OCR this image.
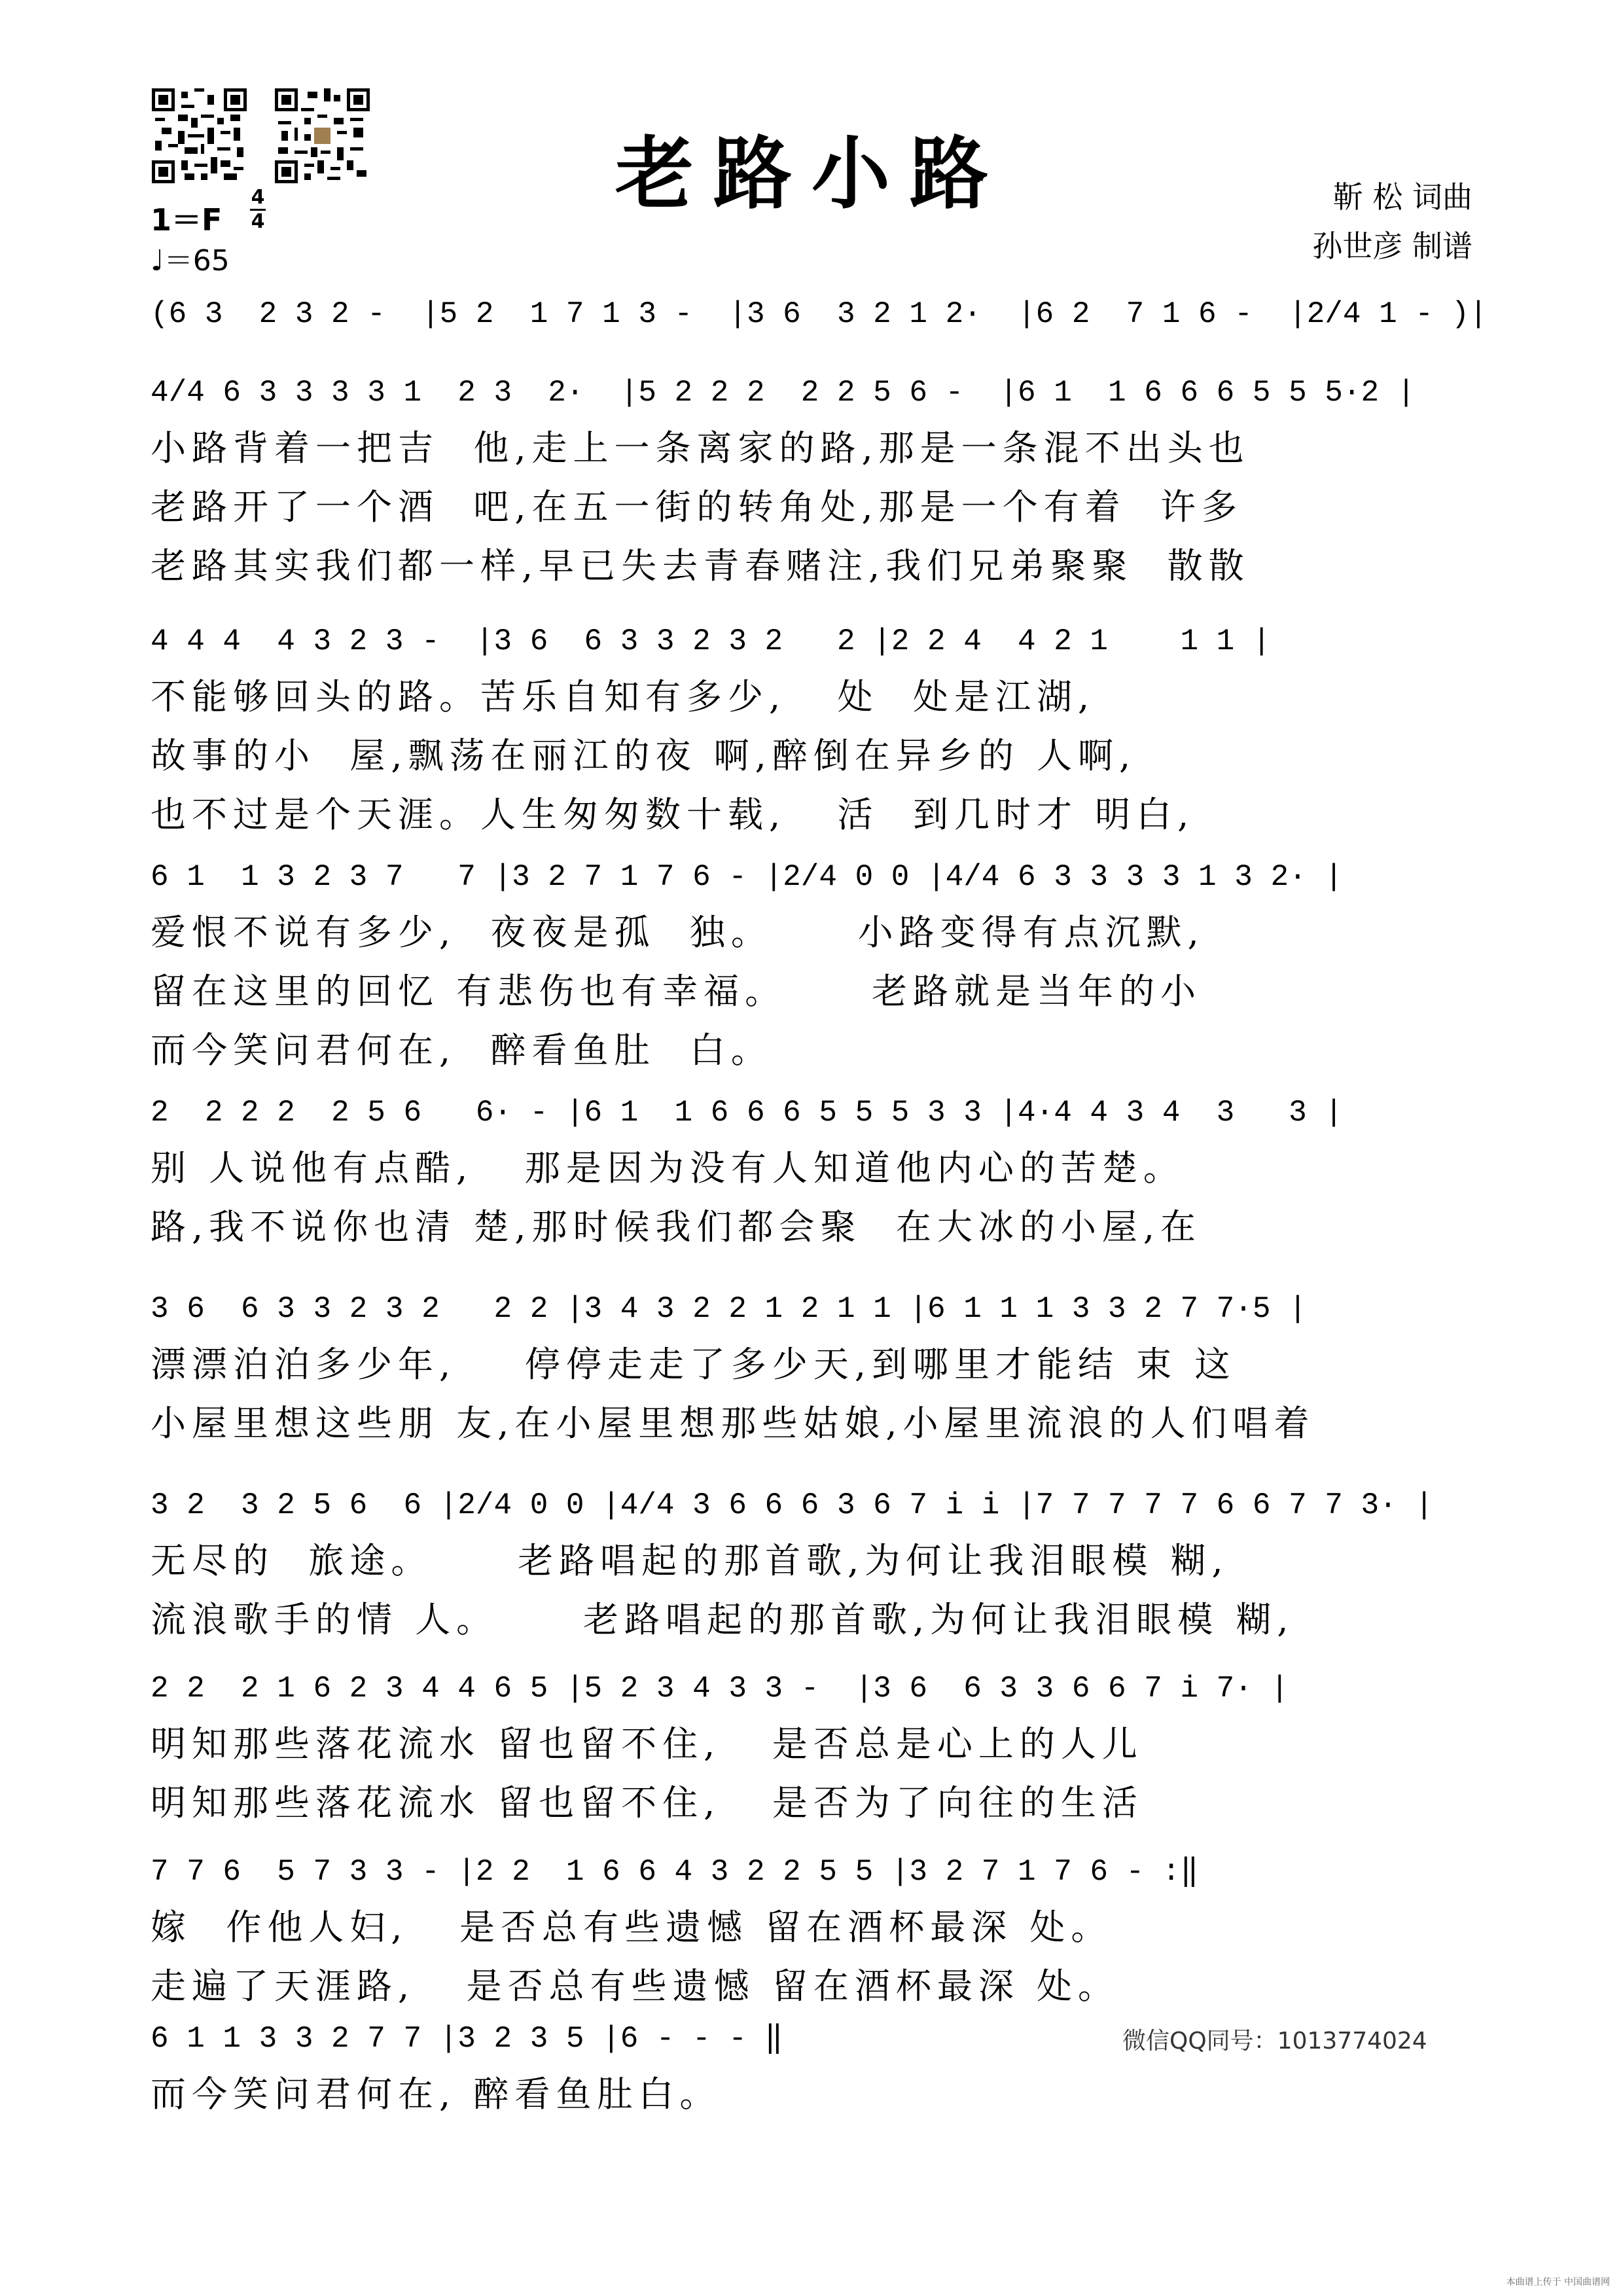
老路小路
1＝F
4
4
♩＝65
靳 松 词曲
孙世彦 制谱
(6 3  2 3 2 -  |5 2  1 7 1 3 -  |3 6  3 2 1 2·  |6 2  7 1 6 -  |2/4 1 - )|
4/4 6 3 3 3 3 1  2 3  2·  |5 2 2 2  2 2 5 6 -  |6 1  1 6 6 6 5 5 5·2 |
小路背着一把吉  他,走上一条离家的路,那是一条混不出头也
老路开了一个酒  吧,在五一街的转角处,那是一个有着  许多
老路其实我们都一样,早已失去青春赌注,我们兄弟聚聚  散散
4 4 4  4 3 2 3 -  |3 6  6 3 3 2 3 2   2 |2 2 4  4 2 1    1 1 |
不能够回头的路。苦乐自知有多少,   处  处是江湖,
故事的小  屋,飘荡在丽江的夜 啊,醉倒在异乡的 人啊,
也不过是个天涯。人生匆匆数十载,   活  到几时才 明白,
6 1  1 3 2 3 7   7 |3 2 7 1 7 6 - |2/4 0 0 |4/4 6 3 3 3 3 1 3 2· |
爱恨不说有多少,  夜夜是孤  独。     小路变得有点沉默,
留在这里的回忆 有悲伤也有幸福。     老路就是当年的小
而今笑问君何在,  醉看鱼肚  白。
2  2 2 2  2 5 6   6· - |6 1  1 6 6 6 5 5 5 3 3 |4·4 4 3 4  3   3 |
别 人说他有点酷,   那是因为没有人知道他内心的苦楚。
路,我不说你也清 楚,那时候我们都会聚  在大冰的小屋,在
3 6  6 3 3 2 3 2   2 2 |3 4 3 2 2 1 2 1 1 |6 1 1 1 3 3 2 7 7·5 |
漂漂泊泊多少年,    停停走走了多少天,到哪里才能结 束 这
小屋里想这些朋 友,在小屋里想那些姑娘,小屋里流浪的人们唱着
3 2  3 2 5 6  6 |2/4 0 0 |4/4 3 6 6 6 3 6 7 i i |7 7 7 7 7 6 6 7 7 3· |
无尽的  旅途。     老路唱起的那首歌,为何让我泪眼模 糊,
流浪歌手的情 人。     老路唱起的那首歌,为何让我泪眼模 糊,
2 2  2 1 6 2 3 4 4 6 5 |5 2 3 4 3 3 -  |3 6  6 3 3 6 6 7 i 7· |
明知那些落花流水 留也留不住,   是否总是心上的人儿
明知那些落花流水 留也留不住,   是否为了向往的生活
7 7 6  5 7 3 3 - |2 2  1 6 6 4 3 2 2 5 5 |3 2 7 1 7 6 - :‖
嫁  作他人妇,   是否总有些遗憾 留在酒杯最深 处。
走遍了天涯路,   是否总有些遗憾 留在酒杯最深 处。
6 1 1 3 3 2 7 7 |3 2 3 5 |6 - - - ‖
而今笑问君何在, 醉看鱼肚白。
微信QQ同号：1013774024
本曲谱上传于 中国曲谱网
